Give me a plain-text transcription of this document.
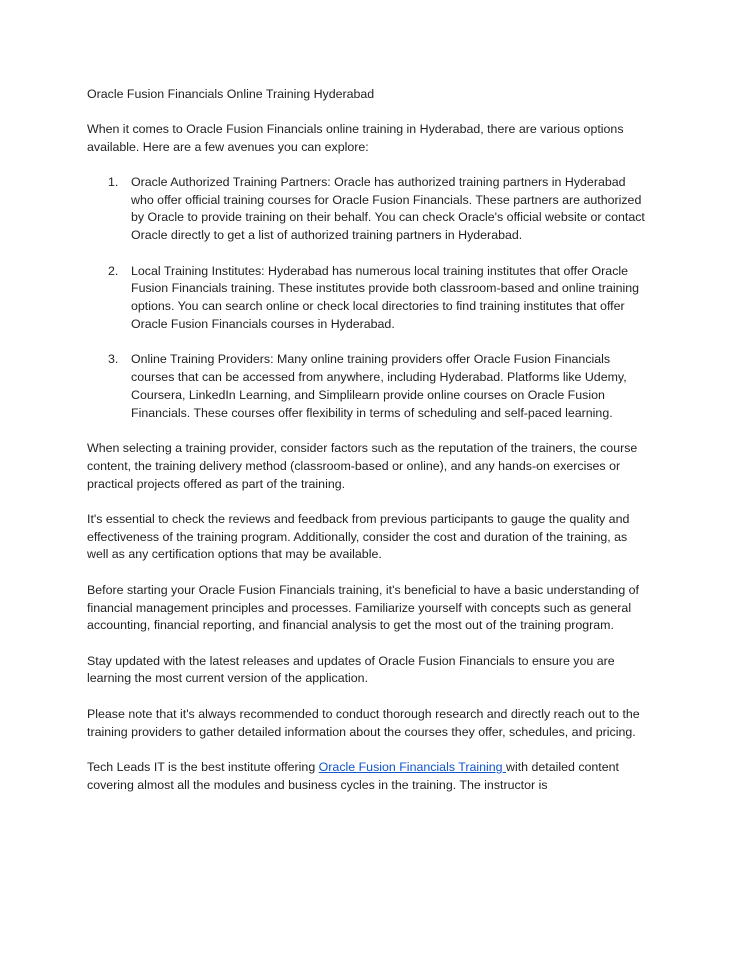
Oracle Fusion Financials Online Training Hyderabad

When it comes to Oracle Fusion Financials online training in Hyderabad, there are various options available. Here are a few avenues you can explore:

1. Oracle Authorized Training Partners: Oracle has authorized training partners in Hyderabad who offer official training courses for Oracle Fusion Financials. These partners are authorized by Oracle to provide training on their behalf. You can check Oracle's official website or contact Oracle directly to get a list of authorized training partners in Hyderabad.
2. Local Training Institutes: Hyderabad has numerous local training institutes that offer Oracle Fusion Financials training. These institutes provide both classroom-based and online training options. You can search online or check local directories to find training institutes that offer Oracle Fusion Financials courses in Hyderabad.
3. Online Training Providers: Many online training providers offer Oracle Fusion Financials courses that can be accessed from anywhere, including Hyderabad. Platforms like Udemy, Coursera, LinkedIn Learning, and Simplilearn provide online courses on Oracle Fusion Financials. These courses offer flexibility in terms of scheduling and self-paced learning.

When selecting a training provider, consider factors such as the reputation of the trainers, the course content, the training delivery method (classroom-based or online), and any hands-on exercises or practical projects offered as part of the training.

It's essential to check the reviews and feedback from previous participants to gauge the quality and effectiveness of the training program. Additionally, consider the cost and duration of the training, as well as any certification options that may be available.

Before starting your Oracle Fusion Financials training, it's beneficial to have a basic understanding of financial management principles and processes. Familiarize yourself with concepts such as general accounting, financial reporting, and financial analysis to get the most out of the training program.

Stay updated with the latest releases and updates of Oracle Fusion Financials to ensure you are learning the most current version of the application.

Please note that it's always recommended to conduct thorough research and directly reach out to the training providers to gather detailed information about the courses they offer, schedules, and pricing.

Tech Leads IT is the best institute offering Oracle Fusion Financials Training with detailed content covering almost all the modules and business cycles in the training. The instructor is
